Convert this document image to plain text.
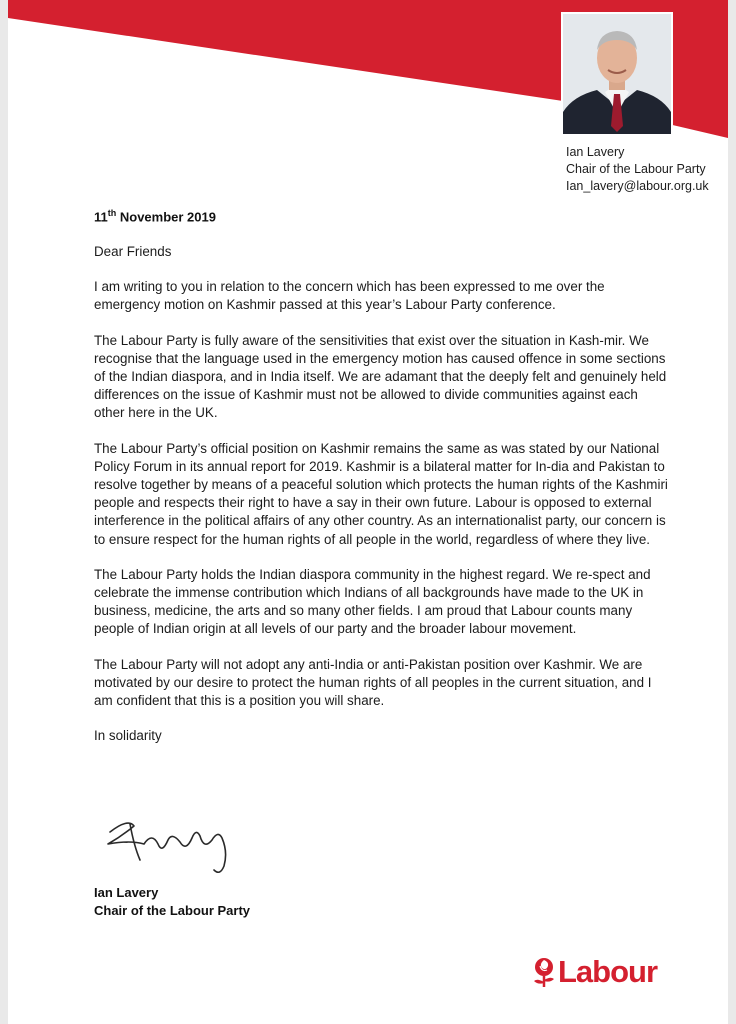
Ian Lavery
Chair of the Labour Party
Ian_lavery@labour.org.uk
11th November 2019

Dear Friends

I am writing to you in relation to the concern which has been expressed to me over the emergency motion on Kashmir passed at this year’s Labour Party conference.

The Labour Party is fully aware of the sensitivities that exist over the situation in Kash-mir. We recognise that the language used in the emergency motion has caused offence in some sections of the Indian diaspora, and in India itself. We are adamant that the deeply felt and genuinely held differences on the issue of Kashmir must not be allowed to divide communities against each other here in the UK.

The Labour Party’s official position on Kashmir remains the same as was stated by our National Policy Forum in its annual report for 2019. Kashmir is a bilateral matter for In-dia and Pakistan to resolve together by means of a peaceful solution which protects the human rights of the Kashmiri people and respects their right to have a say in their own future. Labour is opposed to external interference in the political affairs of any other country. As an internationalist party, our concern is to ensure respect for the human rights of all people in the world, regardless of where they live.

The Labour Party holds the Indian diaspora community in the highest regard. We re-spect and celebrate the immense contribution which Indians of all backgrounds have made to the UK in business, medicine, the arts and so many other fields. I am proud that Labour counts many people of Indian origin at all levels of our party and the broader labour movement.

The Labour Party will not adopt any anti-India or anti-Pakistan position over Kashmir. We are motivated by our desire to protect the human rights of all peoples in the current situation, and I am confident that this is a position you will share.

In solidarity

Ian Lavery
Chair of the Labour Party
Labour
